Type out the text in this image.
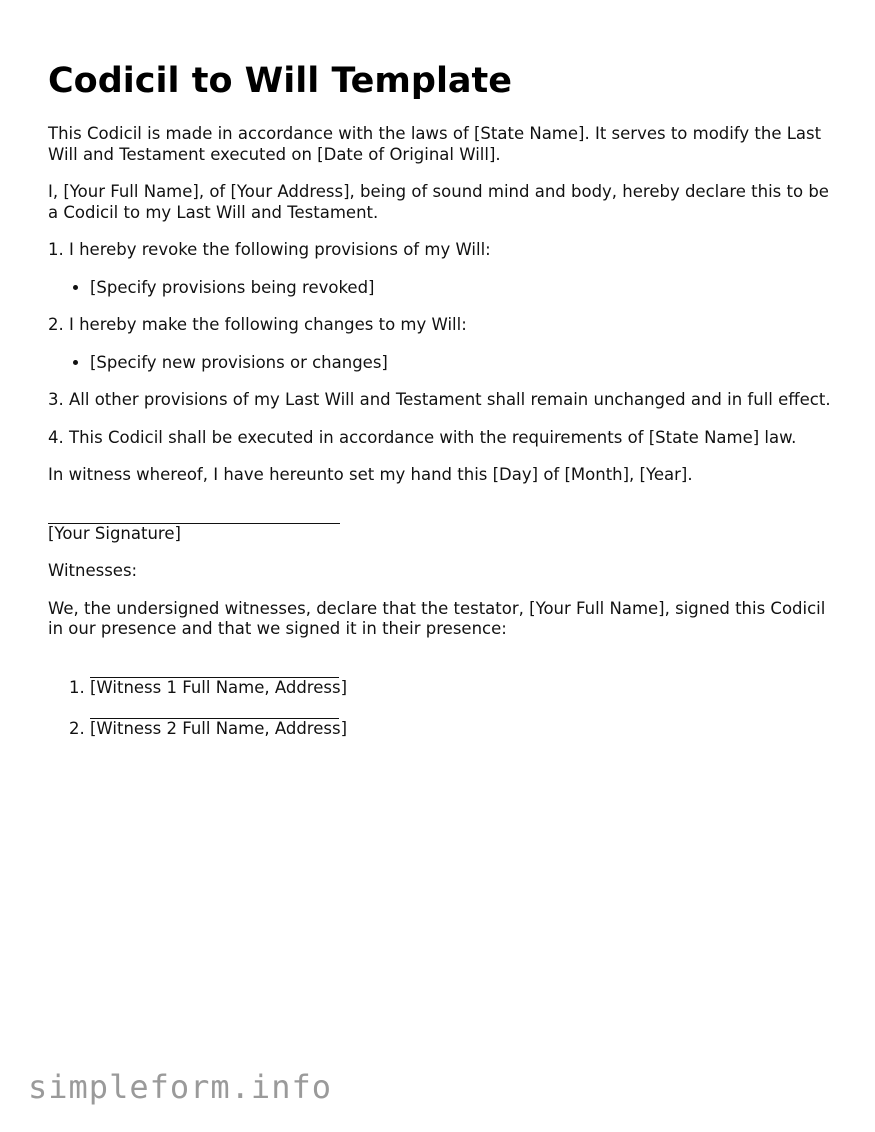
Codicil to Will Template

This Codicil is made in accordance with the laws of [State Name]. It serves to modify the Last Will and Testament executed on [Date of Original Will].

I, [Your Full Name], of [Your Address], being of sound mind and body, hereby declare this to be a Codicil to my Last Will and Testament.

1. I hereby revoke the following provisions of my Will:

• [Specify provisions being revoked]

2. I hereby make the following changes to my Will:

• [Specify new provisions or changes]

3. All other provisions of my Last Will and Testament shall remain unchanged and in full effect.

4. This Codicil shall be executed in accordance with the requirements of [State Name] law.

In witness whereof, I have hereunto set my hand this [Day] of [Month], [Year].

[Your Signature]

Witnesses:

We, the undersigned witnesses, declare that the testator, [Your Full Name], signed this Codicil in our presence and that we signed it in their presence:

1. [Witness 1 Full Name, Address]
2. [Witness 2 Full Name, Address]
simpleform.info
